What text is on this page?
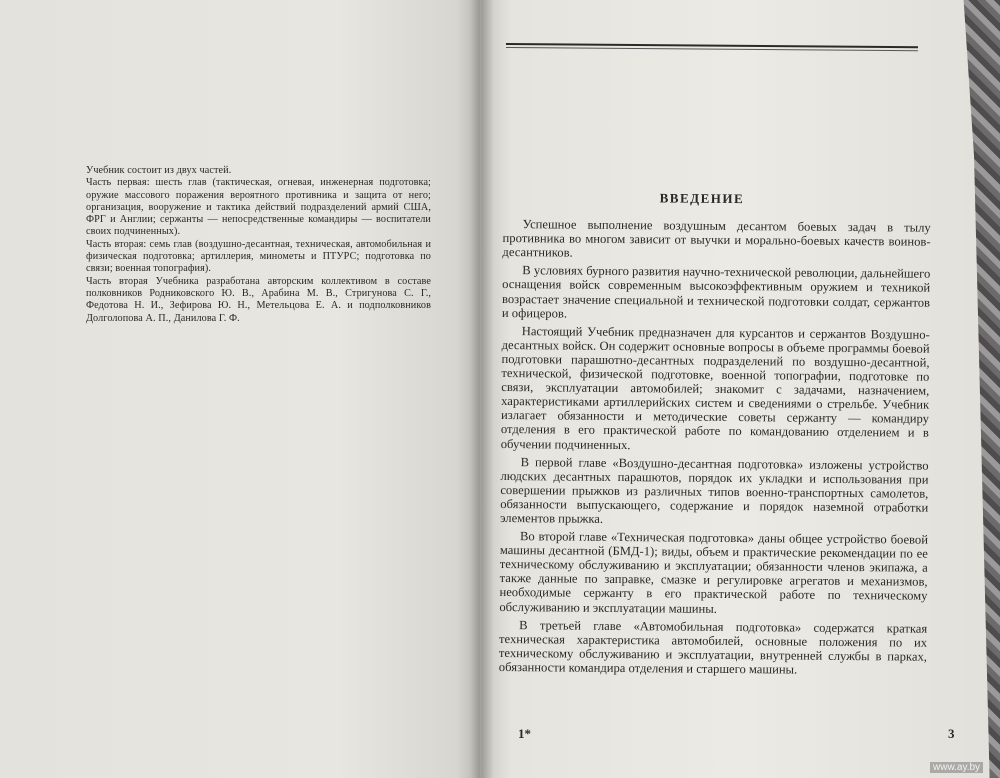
Учебник состоит из двух частей.

Часть первая: шесть глав (тактическая, огневая, инженерная подготовка; оружие массового поражения вероятного противника и защита от него; организация, вооружение и тактика действий подразделений армий США, ФРГ и Англии; сержанты — непосредственные командиры — воспитатели своих подчиненных).

Часть вторая: семь глав (воздушно-десантная, техническая, автомобильная и физическая подготовка; артиллерия, минометы и ПТУРС; подготовка по связи; военная топография).

Часть вторая Учебника разработана авторским коллективом в составе полковников Родниковского Ю. В., Арабина М. В., Стригунова С. Г., Федотова Н. И., Зефирова Ю. Н., Метельцова Е. А. и подполковников Долголопова А. П., Данилова Г. Ф.

ВВЕДЕНИЕ

Успешное выполнение воздушным десантом боевых задач в тылу противника во многом зависит от выучки и морально-боевых качеств воинов-десантников.

В условиях бурного развития научно-технической революции, дальнейшего оснащения войск современным высокоэффективным оружием и техникой возрастает значение специальной и технической подготовки солдат, сержантов и офицеров.

Настоящий Учебник предназначен для курсантов и сержантов Воздушно-десантных войск. Он содержит основные вопросы в объеме программы боевой подготовки парашютно-десантных подразделений по воздушно-десантной, технической, физической подготовке, военной топографии, подготовке по связи, эксплуатации автомобилей; знакомит с задачами, назначением, характеристиками артиллерийских систем и сведениями о стрельбе. Учебник излагает обязанности и методические советы сержанту — командиру отделения в его практической работе по командованию отделением и в обучении подчиненных.

В первой главе «Воздушно-десантная подготовка» изложены устройство людских десантных парашютов, порядок их укладки и использования при совершении прыжков из различных типов военно-транспортных самолетов, обязанности выпускающего, содержание и порядок наземной отработки элементов прыжка.

Во второй главе «Техническая подготовка» даны общее устройство боевой машины десантной (БМД-1); виды, объем и практические рекомендации по ее техническому обслуживанию и эксплуатации; обязанности членов экипажа, а также данные по заправке, смазке и регулировке агрегатов и механизмов, необходимые сержанту в его практической работе по техническому обслуживанию и эксплуатации машины.

В третьей главе «Автомобильная подготовка» содержатся краткая техническая характеристика автомобилей, основные положения по их техническому обслуживанию и эксплуатации, внутренней службы в парках, обязанности командира отделения и старшего машины.

1*	3
www.ay.by
